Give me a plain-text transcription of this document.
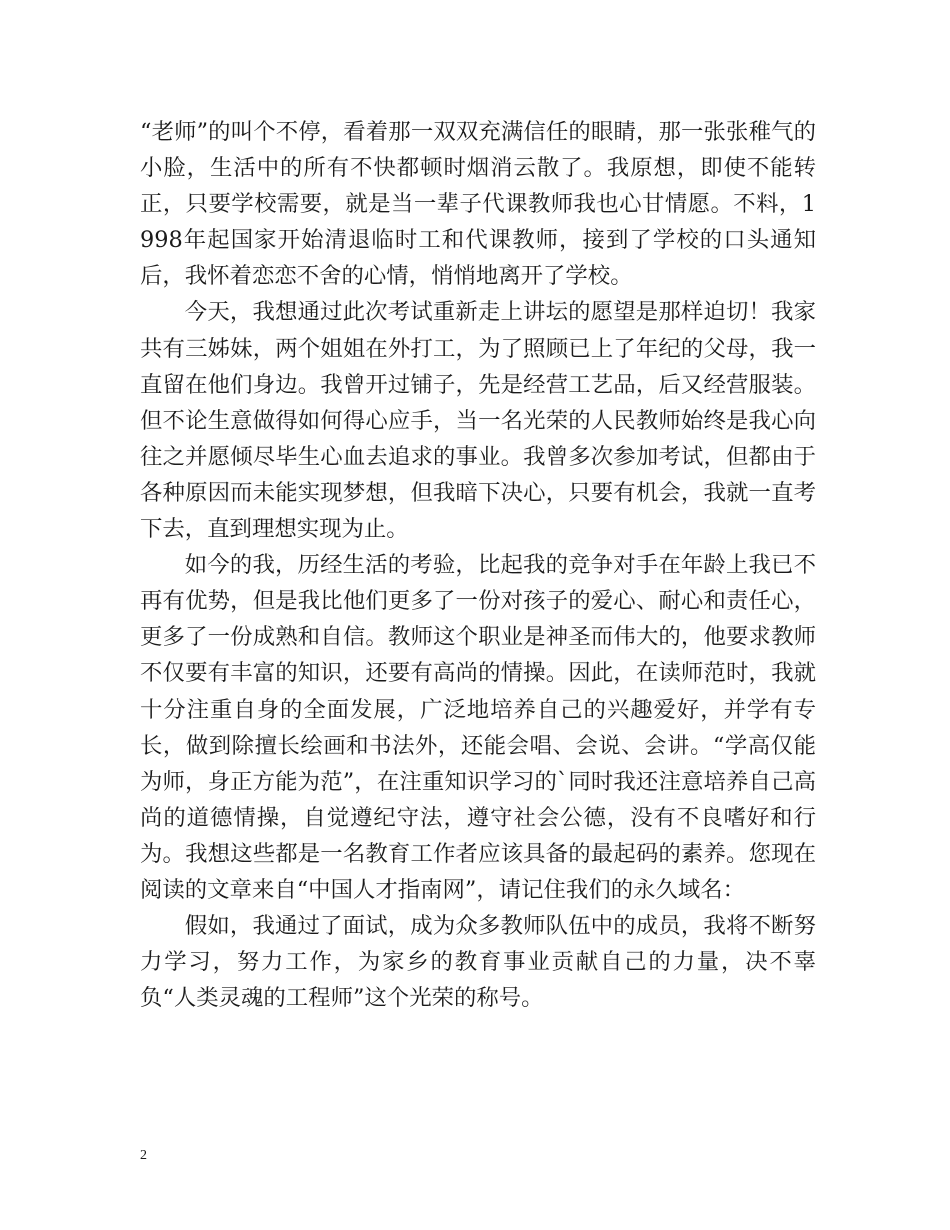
“老师”的叫个不停，看着那一双双充满信任的眼睛，那一张张稚气的小脸，生活中的所有不快都顿时烟消云散了。我原想，即使不能转正，只要学校需要，就是当一辈子代课教师我也心甘情愿。不料，1998年起国家开始清退临时工和代课教师，接到了学校的口头通知后，我怀着恋恋不舍的心情，悄悄地离开了学校。

今天，我想通过此次考试重新走上讲坛的愿望是那样迫切！我家共有三姊妹，两个姐姐在外打工，为了照顾已上了年纪的父母，我一直留在他们身边。我曾开过铺子，先是经营工艺品，后又经营服装。但不论生意做得如何得心应手，当一名光荣的人民教师始终是我心向往之并愿倾尽毕生心血去追求的事业。我曾多次参加考试，但都由于各种原因而未能实现梦想，但我暗下决心，只要有机会，我就一直考下去，直到理想实现为止。

如今的我，历经生活的考验，比起我的竞争对手在年龄上我已不再有优势，但是我比他们更多了一份对孩子的爱心、耐心和责任心，更多了一份成熟和自信。教师这个职业是神圣而伟大的，他要求教师不仅要有丰富的知识，还要有高尚的情操。因此，在读师范时，我就十分注重自身的全面发展，广泛地培养自己的兴趣爱好，并学有专长，做到除擅长绘画和书法外，还能会唱、会说、会讲。“学高仅能为师，身正方能为范”，在注重知识学习的`同时我还注意培养自己高尚的道德情操，自觉遵纪守法，遵守社会公德，没有不良嗜好和行为。我想这些都是一名教育工作者应该具备的最起码的素养。您现在阅读的文章来自“中国人才指南网”，请记住我们的永久域名：

假如，我通过了面试，成为众多教师队伍中的成员，我将不断努力学习，努力工作，为家乡的教育事业贡献自己的力量，决不辜负“人类灵魂的工程师”这个光荣的称号。

2
